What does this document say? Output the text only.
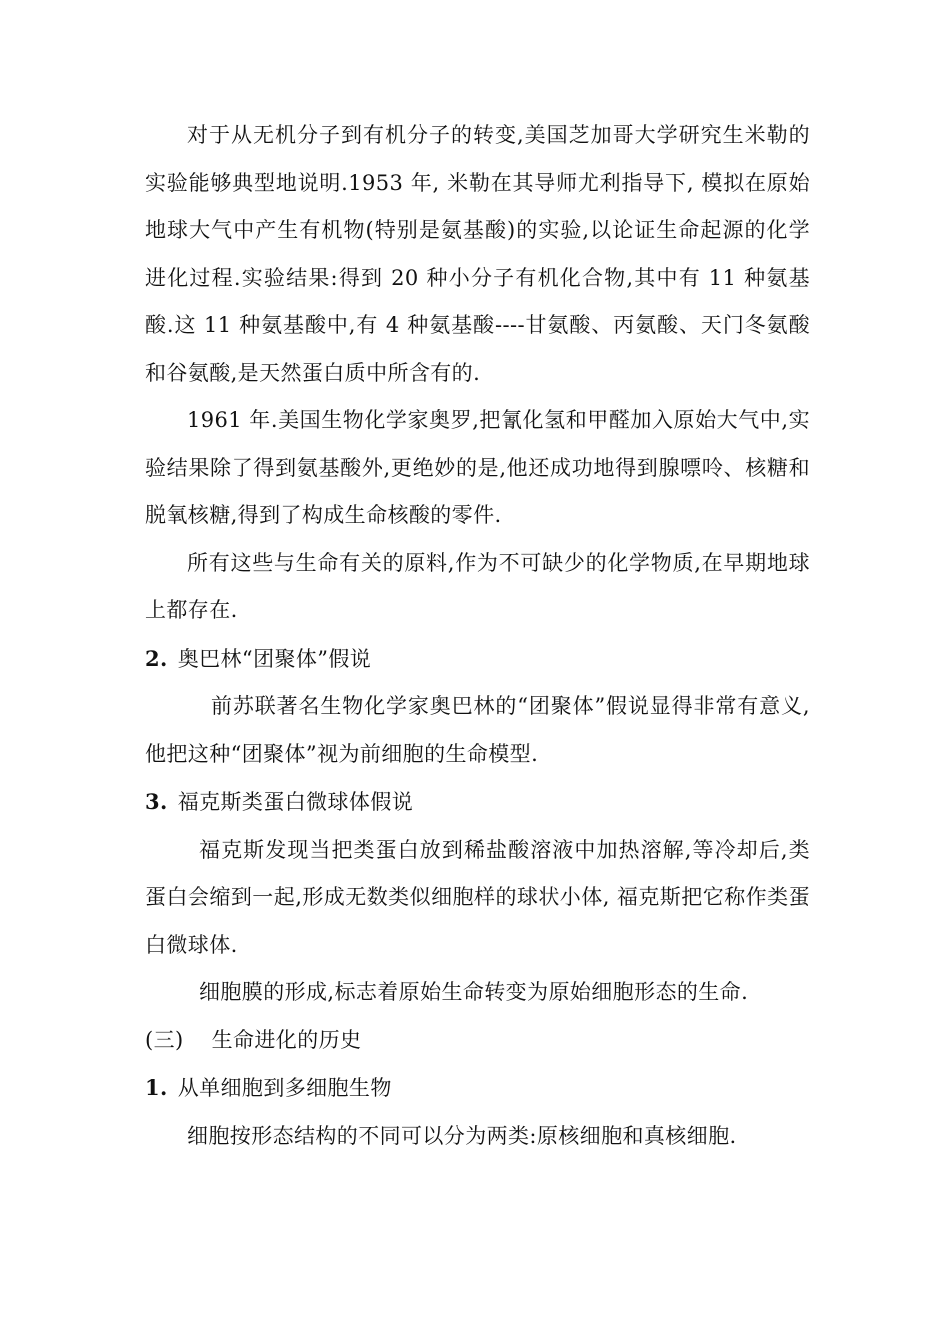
对于从无机分子到有机分子的转变,美国芝加哥大学研究生米勒的实验能够典型地说明.1953 年, 米勒在其导师尤利指导下, 模拟在原始地球大气中产生有机物(特别是氨基酸)的实验,以论证生命起源的化学进化过程.实验结果:得到 20 种小分子有机化合物,其中有 11 种氨基酸.这 11 种氨基酸中,有 4 种氨基酸----甘氨酸、丙氨酸、天门冬氨酸和谷氨酸,是天然蛋白质中所含有的.

1961 年.美国生物化学家奥罗,把氰化氢和甲醛加入原始大气中,实验结果除了得到氨基酸外,更绝妙的是,他还成功地得到腺嘌呤、核糖和脱氧核糖,得到了构成生命核酸的零件.

所有这些与生命有关的原料,作为不可缺少的化学物质,在早期地球上都存在.

2. 奥巴林“团聚体”假说

前苏联著名生物化学家奥巴林的“团聚体”假说显得非常有意义,他把这种“团聚体”视为前细胞的生命模型.

3. 福克斯类蛋白微球体假说

福克斯发现当把类蛋白放到稀盐酸溶液中加热溶解,等冷却后,类蛋白会缩到一起,形成无数类似细胞样的球状小体, 福克斯把它称作类蛋白微球体.

细胞膜的形成,标志着原始生命转变为原始细胞形态的生命.

(三) 生命进化的历史
1. 从单细胞到多细胞生物

细胞按形态结构的不同可以分为两类:原核细胞和真核细胞.
